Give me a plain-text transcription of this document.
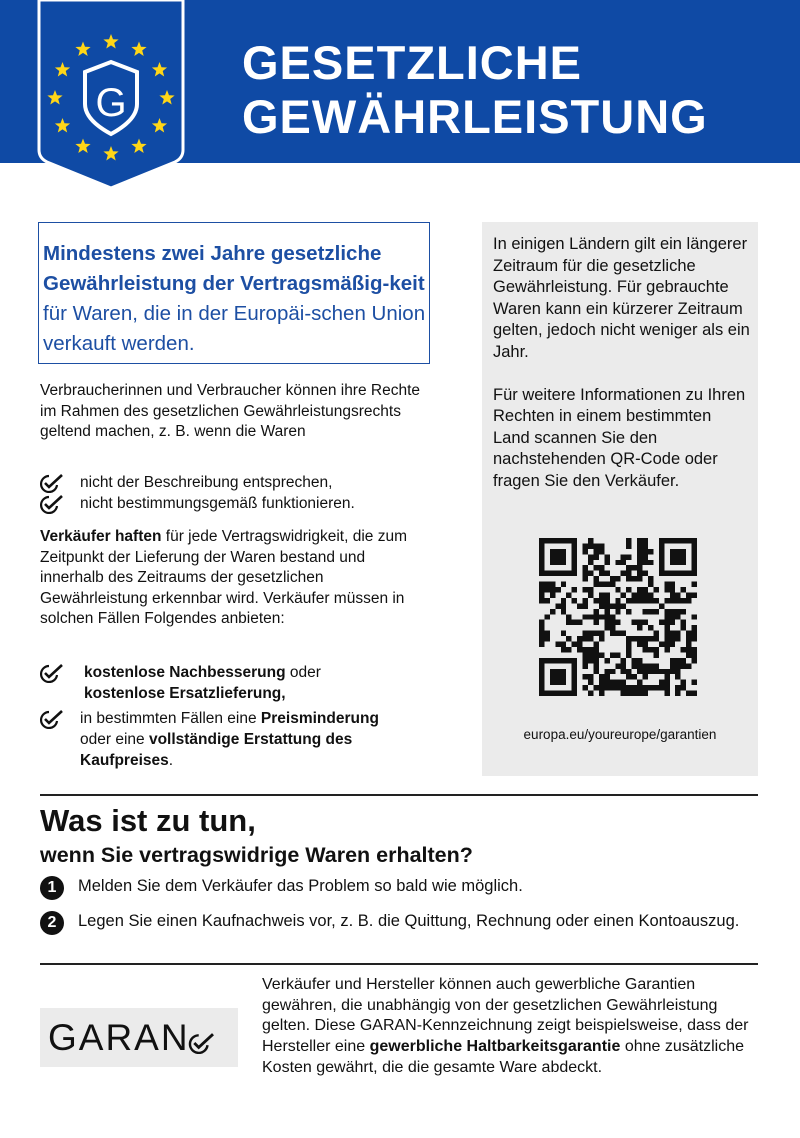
G
GESETZLICHE
GEWÄHRLEISTUNG
Mindestens zwei Jahre gesetzliche Gewährleistung der Vertragsmäßig-keit für Waren, die in der Europäi-schen Union verkauft werden.
Verbraucherinnen und Verbraucher können ihre Rechte im Rahmen des gesetzlichen Gewährleistungsrechts geltend machen, z. B. wenn die Waren
nicht der Beschreibung entsprechen,
nicht bestimmungsgemäß funktionieren.
Verkäufer haften für jede Vertragswidrigkeit, die zum Zeitpunkt der Lieferung der Waren bestand und innerhalb des Zeitraums der gesetzlichen Gewährleistung erkennbar wird. Verkäufer müssen in solchen Fällen Folgendes anbieten:
kostenlose Nachbesserung oder
kostenlose Ersatzlieferung,
in bestimmten Fällen eine Preisminderung
oder eine vollständige Erstattung des Kaufpreises.

In einigen Ländern gilt ein längerer Zeitraum für die gesetzliche Gewährleistung. Für gebrauchte Waren kann ein kürzerer Zeitraum gelten, jedoch nicht weniger als ein Jahr.

Für weitere Informationen zu Ihren Rechten in einem bestimmten Land scannen Sie den nachstehenden QR-Code oder fragen Sie den Verkäufer.

europa.eu/youreurope/garantien
Was ist zu tun,
wenn Sie vertragswidrige Waren erhalten?
1	Melden Sie dem Verkäufer das Problem so bald wie möglich.
2	Legen Sie einen Kaufnachweis vor, z. B. die Quittung, Rechnung oder einen Kontoauszug.
GARAN
Verkäufer und Hersteller können auch gewerbliche Garantien gewähren, die unabhängig von der gesetzlichen Gewährleistung gelten. Diese GARAN-Kennzeichnung zeigt beispielsweise, dass der Hersteller eine gewerbliche Haltbarkeitsgarantie ohne zusätzliche Kosten gewährt, die die gesamte Ware abdeckt.
